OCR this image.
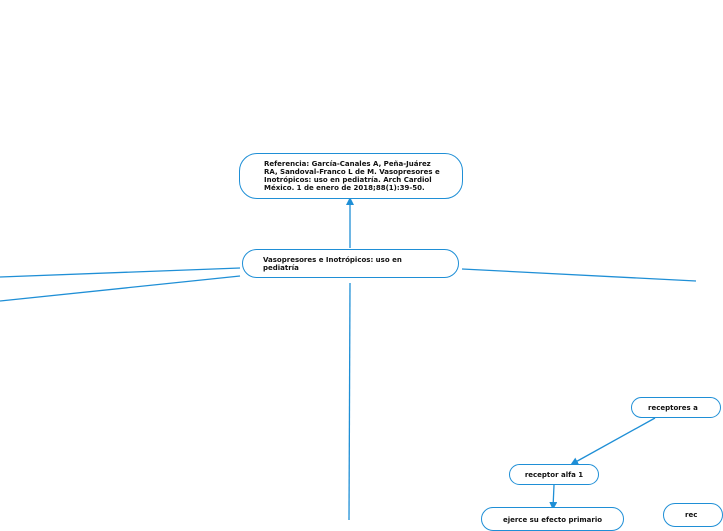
Referencia: García-Canales A, Peña-Juárez RA, Sandoval-Franco L de M. Vasopresores e Inotrópicos: uso en pediatría. Arch Cardiol México. 1 de enero de 2018;88(1):39-50.
Vasopresores e Inotrópicos: uso en pediatría
receptores a
receptor alfa 1
ejerce su efecto primario
rec
